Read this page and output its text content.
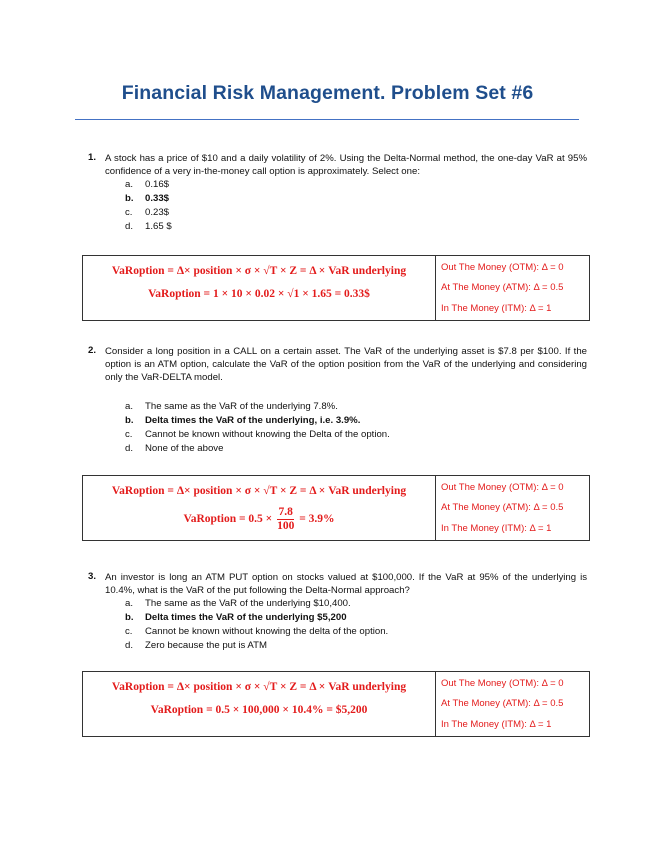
Financial Risk Management. Problem Set #6
1. A stock has a price of $10 and a daily volatility of 2%. Using the Delta-Normal method, the one-day VaR at 95% confidence of a very in-the-money call option is approximately. Select one:
a.	0.16$
b.	0.33$
c.	0.23$
d.	1.65 $
VaRoption = Δ× position × σ × √T × Z = Δ × VaR underlying
VaRoption = 1 × 10 × 0.02 × √1 × 1.65 = 0.33$
Out The Money (OTM): Δ = 0
At The Money (ATM): Δ = 0.5
In The Money (ITM): Δ = 1
2. Consider a long position in a CALL on a certain asset. The VaR of the underlying asset is $7.8 per $100. If the option is an ATM option, calculate the VaR of the option position from the VaR of the underlying and considering only the VaR-DELTA model.
a.	The same as the VaR of the underlying 7.8%.
b.	Delta times the VaR of the underlying, i.e. 3.9%.
c.	Cannot be known without knowing the Delta of the option.
d.	None of the above
VaRoption = Δ× position × σ × √T × Z = Δ × VaR underlying
VaRoption = $0.5 \times \frac{7.8}{100} = 3.9\%$
Out The Money (OTM): Δ = 0
At The Money (ATM): Δ = 0.5
In The Money (ITM): Δ = 1
3. An investor is long an ATM PUT option on stocks valued at $100,000. If the VaR at 95% of the underlying is 10.4%, what is the VaR of the put following the Delta-Normal approach?
a.	The same as the VaR of the underlying $10,400.
b.	Delta times the VaR of the underlying $5,200
c.	Cannot be known without knowing the delta of the option.
d.	Zero because the put is ATM
VaRoption = Δ× position × σ × √T × Z = Δ × VaR underlying
VaRoption = 0.5 × 100,000 × 10.4% = $5,200
Out The Money (OTM): Δ = 0
At The Money (ATM): Δ = 0.5
In The Money (ITM): Δ = 1
